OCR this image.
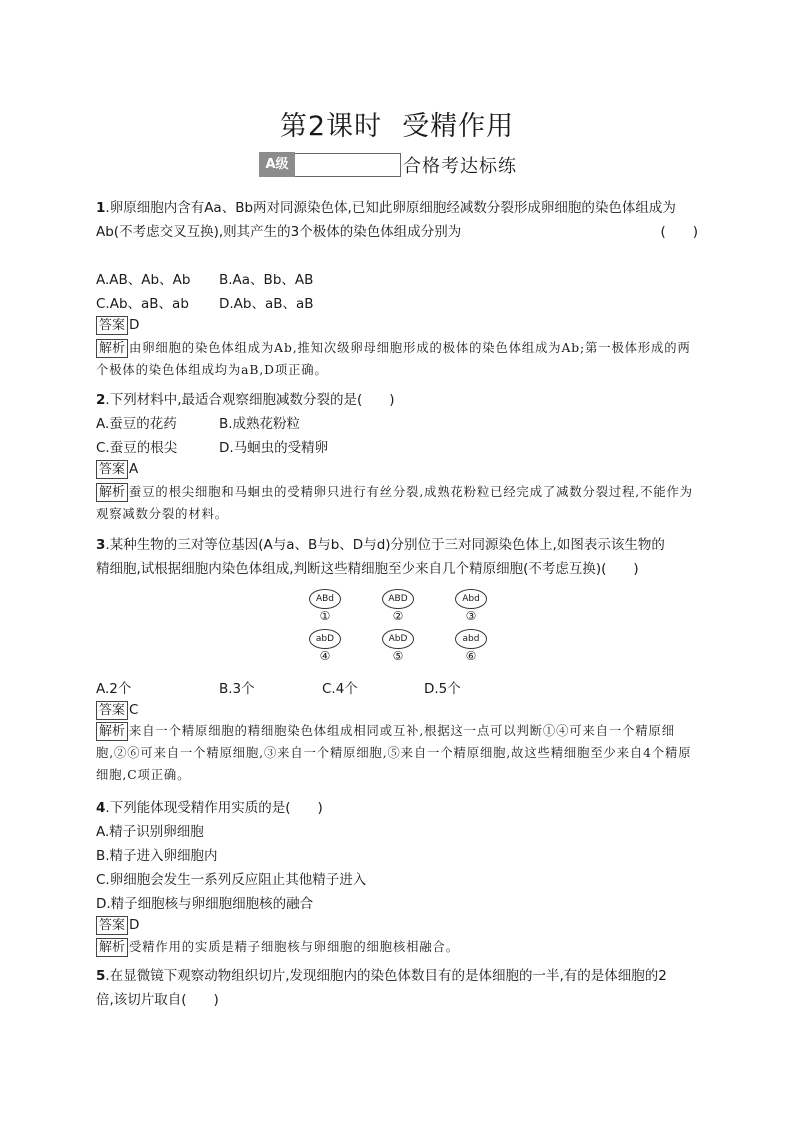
第2课时 受精作用
A级	合格考达标练
1.卵原细胞内含有Aa、Bb两对同源染色体,已知此卵原细胞经减数分裂形成卵细胞的染色体组成为
Ab(不考虑交叉互换),则其产生的3个极体的染色体组成分别为	(　　)
A.AB、Ab、Ab B.Aa、Bb、AB
C.Ab、aB、ab D.Ab、aB、aB
答案 D
解析 由卵细胞的染色体组成为Ab,推知次级卵母细胞形成的极体的染色体组成为Ab;第一极体形成的两个极体的染色体组成均为aB,D项正确。
2.下列材料中,最适合观察细胞减数分裂的是(　　)
A.蚕豆的花药	B.成熟花粉粒
C.蚕豆的根尖	D.马蛔虫的受精卵
答案 A
解析 蚕豆的根尖细胞和马蛔虫的受精卵只进行有丝分裂,成熟花粉粒已经完成了减数分裂过程,不能作为观察减数分裂的材料。
3.某种生物的三对等位基因(A与a、B与b、D与d)分别位于三对同源染色体上,如图表示该生物的
精细胞,试根据细胞内染色体组成,判断这些精细胞至少来自几个精原细胞(不考虑互换)(　　)
ABd
①
ABD
②
Abd
③
abD
④
AbD
⑤
abd
⑥
A.2个	B.3个	C.4个	D.5个
答案 C
解析 来自一个精原细胞的精细胞染色体组成相同或互补,根据这一点可以判断①④可来自一个精原细胞,②⑥可来自一个精原细胞,③来自一个精原细胞,⑤来自一个精原细胞,故这些精细胞至少来自4个精原细胞,C项正确。
4.下列能体现受精作用实质的是(　　)
A.精子识别卵细胞
B.精子进入卵细胞内
C.卵细胞会发生一系列反应阻止其他精子进入
D.精子细胞核与卵细胞细胞核的融合
答案 D
解析 受精作用的实质是精子细胞核与卵细胞的细胞核相融合。
5.在显微镜下观察动物组织切片,发现细胞内的染色体数目有的是体细胞的一半,有的是体细胞的2
倍,该切片取自(　　)
